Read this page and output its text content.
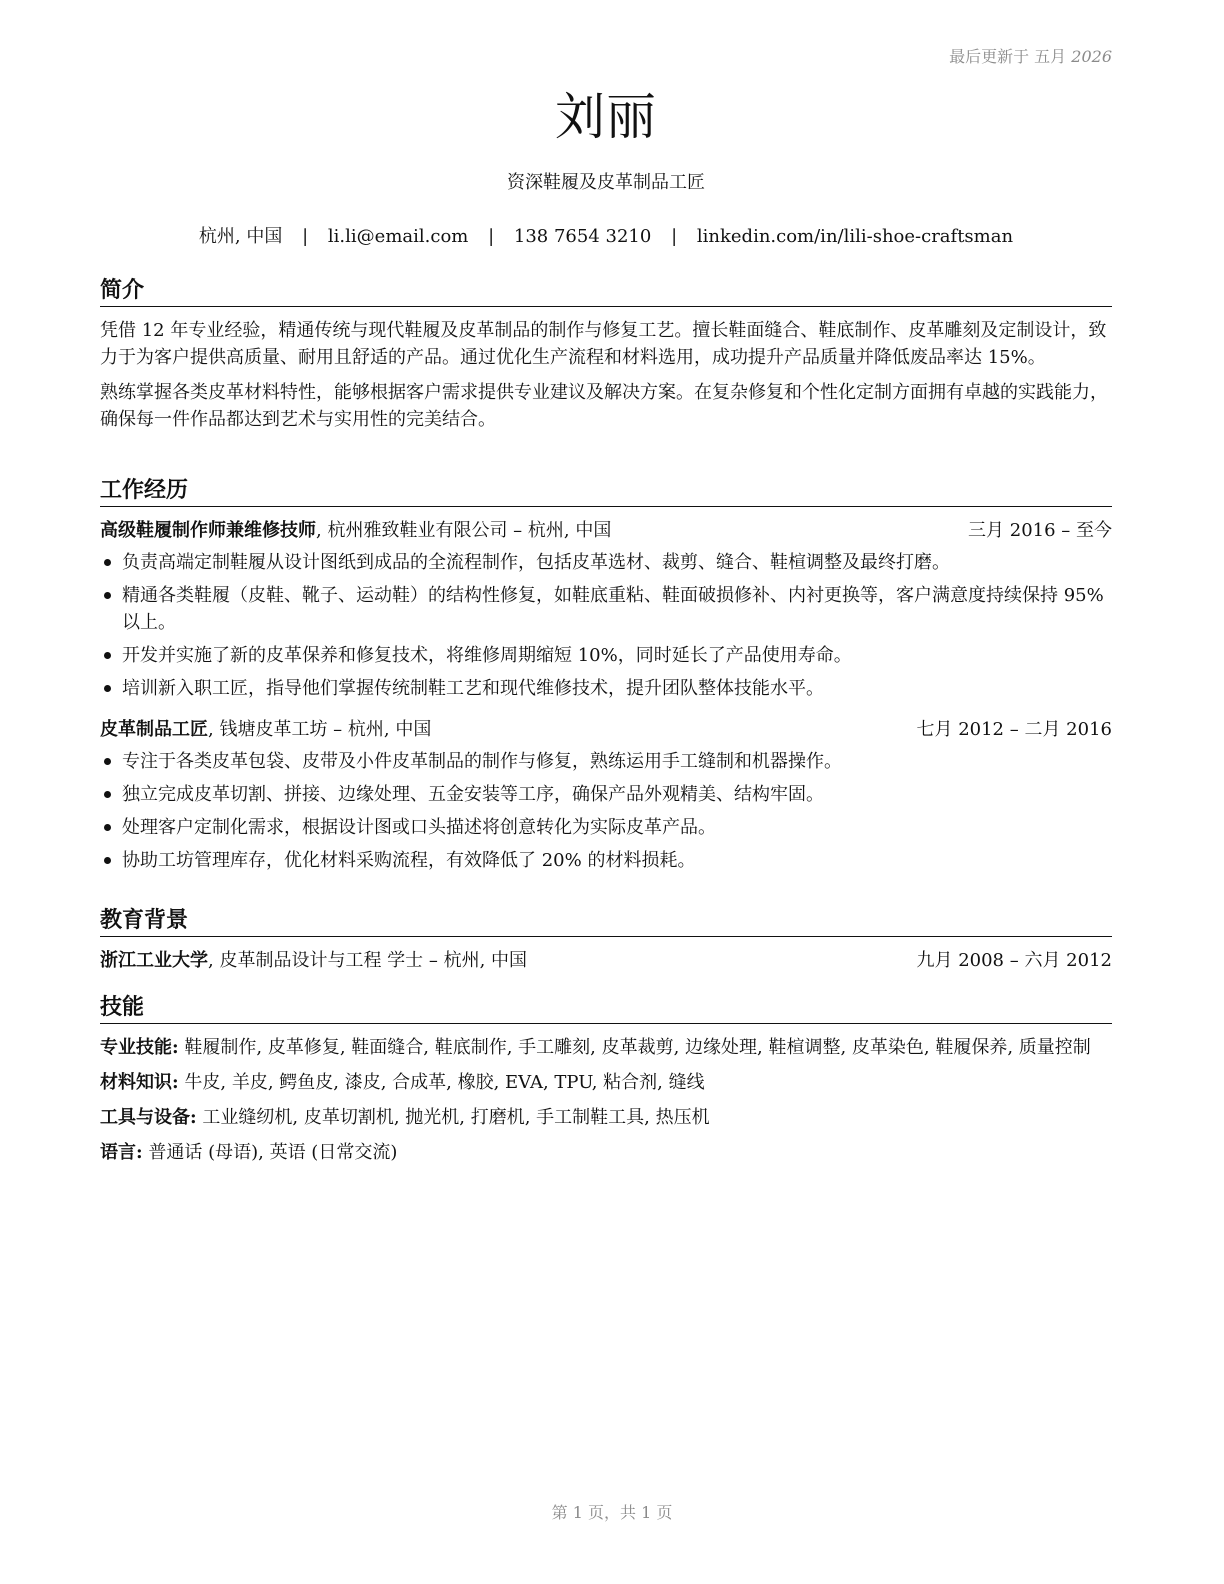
最后更新于 五月 2026
刘丽
资深鞋履及皮革制品工匠
杭州, 中国 | li.li@email.com | 138 7654 3210 | linkedin.com/in/lili-shoe-craftsman
简介

凭借 12 年专业经验，精通传统与现代鞋履及皮革制品的制作与修复工艺。擅长鞋面缝合、鞋底制作、皮革雕刻及定制设计，致力于为客户提供高质量、耐用且舒适的产品。通过优化生产流程和材料选用，成功提升产品质量并降低废品率达 15%。

熟练掌握各类皮革材料特性，能够根据客户需求提供专业建议及解决方案。在复杂修复和个性化定制方面拥有卓越的实践能力，确保每一件作品都达到艺术与实用性的完美结合。

工作经历
高级鞋履制作师兼维修技师, 杭州雅致鞋业有限公司 – 杭州, 中国	三月 2016 – 至今
负责高端定制鞋履从设计图纸到成品的全流程制作，包括皮革选材、裁剪、缝合、鞋楦调整及最终打磨。
精通各类鞋履（皮鞋、靴子、运动鞋）的结构性修复，如鞋底重粘、鞋面破损修补、内衬更换等，客户满意度持续保持 95% 以上。
开发并实施了新的皮革保养和修复技术，将维修周期缩短 10%，同时延长了产品使用寿命。
培训新入职工匠，指导他们掌握传统制鞋工艺和现代维修技术，提升团队整体技能水平。
皮革制品工匠, 钱塘皮革工坊 – 杭州, 中国	七月 2012 – 二月 2016
专注于各类皮革包袋、皮带及小件皮革制品的制作与修复，熟练运用手工缝制和机器操作。
独立完成皮革切割、拼接、边缘处理、五金安装等工序，确保产品外观精美、结构牢固。
处理客户定制化需求，根据设计图或口头描述将创意转化为实际皮革产品。
协助工坊管理库存，优化材料采购流程，有效降低了 20% 的材料损耗。
教育背景
浙江工业大学, 皮革制品设计与工程 学士 – 杭州, 中国	九月 2008 – 六月 2012
技能
专业技能: 鞋履制作, 皮革修复, 鞋面缝合, 鞋底制作, 手工雕刻, 皮革裁剪, 边缘处理, 鞋楦调整, 皮革染色, 鞋履保养, 质量控制
材料知识: 牛皮, 羊皮, 鳄鱼皮, 漆皮, 合成革, 橡胶, EVA, TPU, 粘合剂, 缝线
工具与设备: 工业缝纫机, 皮革切割机, 抛光机, 打磨机, 手工制鞋工具, 热压机
语言: 普通话 (母语), 英语 (日常交流)
第 1 页，共 1 页
